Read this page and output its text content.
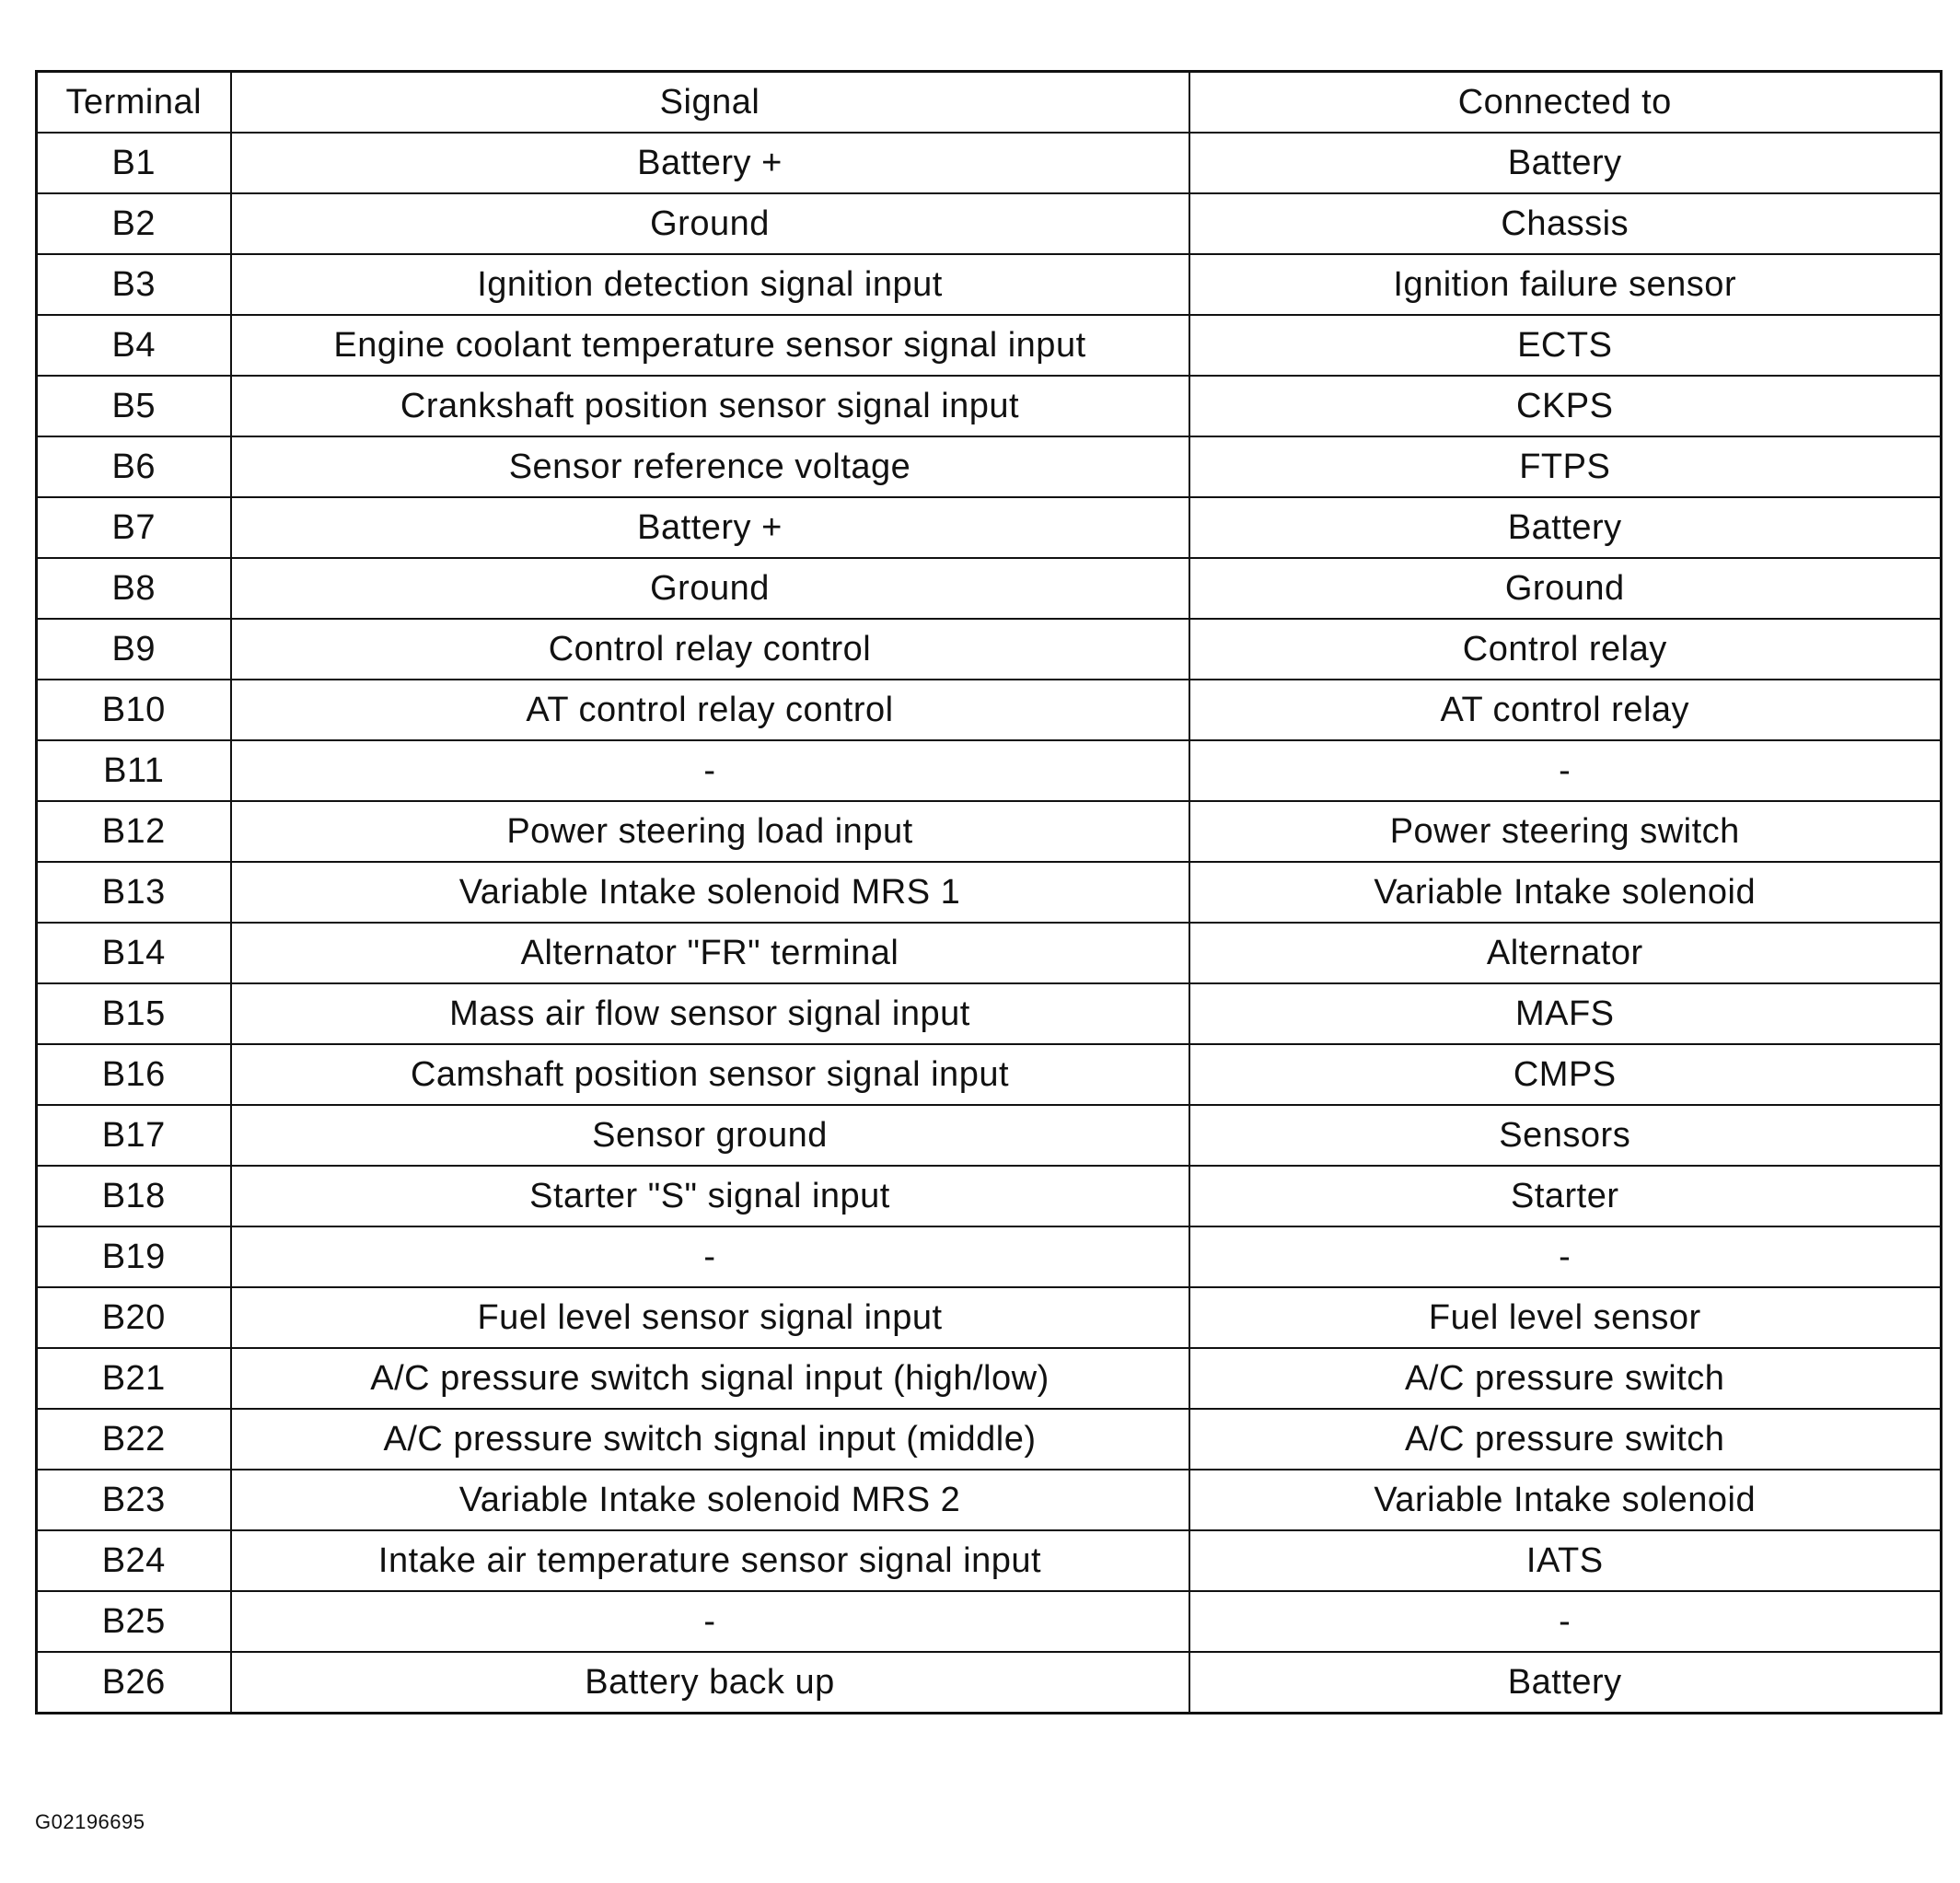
Terminal	Signal	Connected to
B1	Battery +	Battery
B2	Ground	Chassis
B3	Ignition detection signal input	Ignition failure sensor
B4	Engine coolant temperature sensor signal input	ECTS
B5	Crankshaft position sensor signal input	CKPS
B6	Sensor reference voltage	FTPS
B7	Battery +	Battery
B8	Ground	Ground
B9	Control relay control	Control relay
B10	AT control relay control	AT control relay
B11	-	-
B12	Power steering load input	Power steering switch
B13	Variable Intake solenoid MRS 1	Variable Intake solenoid
B14	Alternator "FR" terminal	Alternator
B15	Mass air flow sensor signal input	MAFS
B16	Camshaft position sensor signal input	CMPS
B17	Sensor ground	Sensors
B18	Starter "S" signal input	Starter
B19	-	-
B20	Fuel level sensor signal input	Fuel level sensor
B21	A/C pressure switch signal input (high/low)	A/C pressure switch
B22	A/C pressure switch signal input (middle)	A/C pressure switch
B23	Variable Intake solenoid MRS 2	Variable Intake solenoid
B24	Intake air temperature sensor signal input	IATS
B25	-	-
B26	Battery back up	Battery
G02196695
